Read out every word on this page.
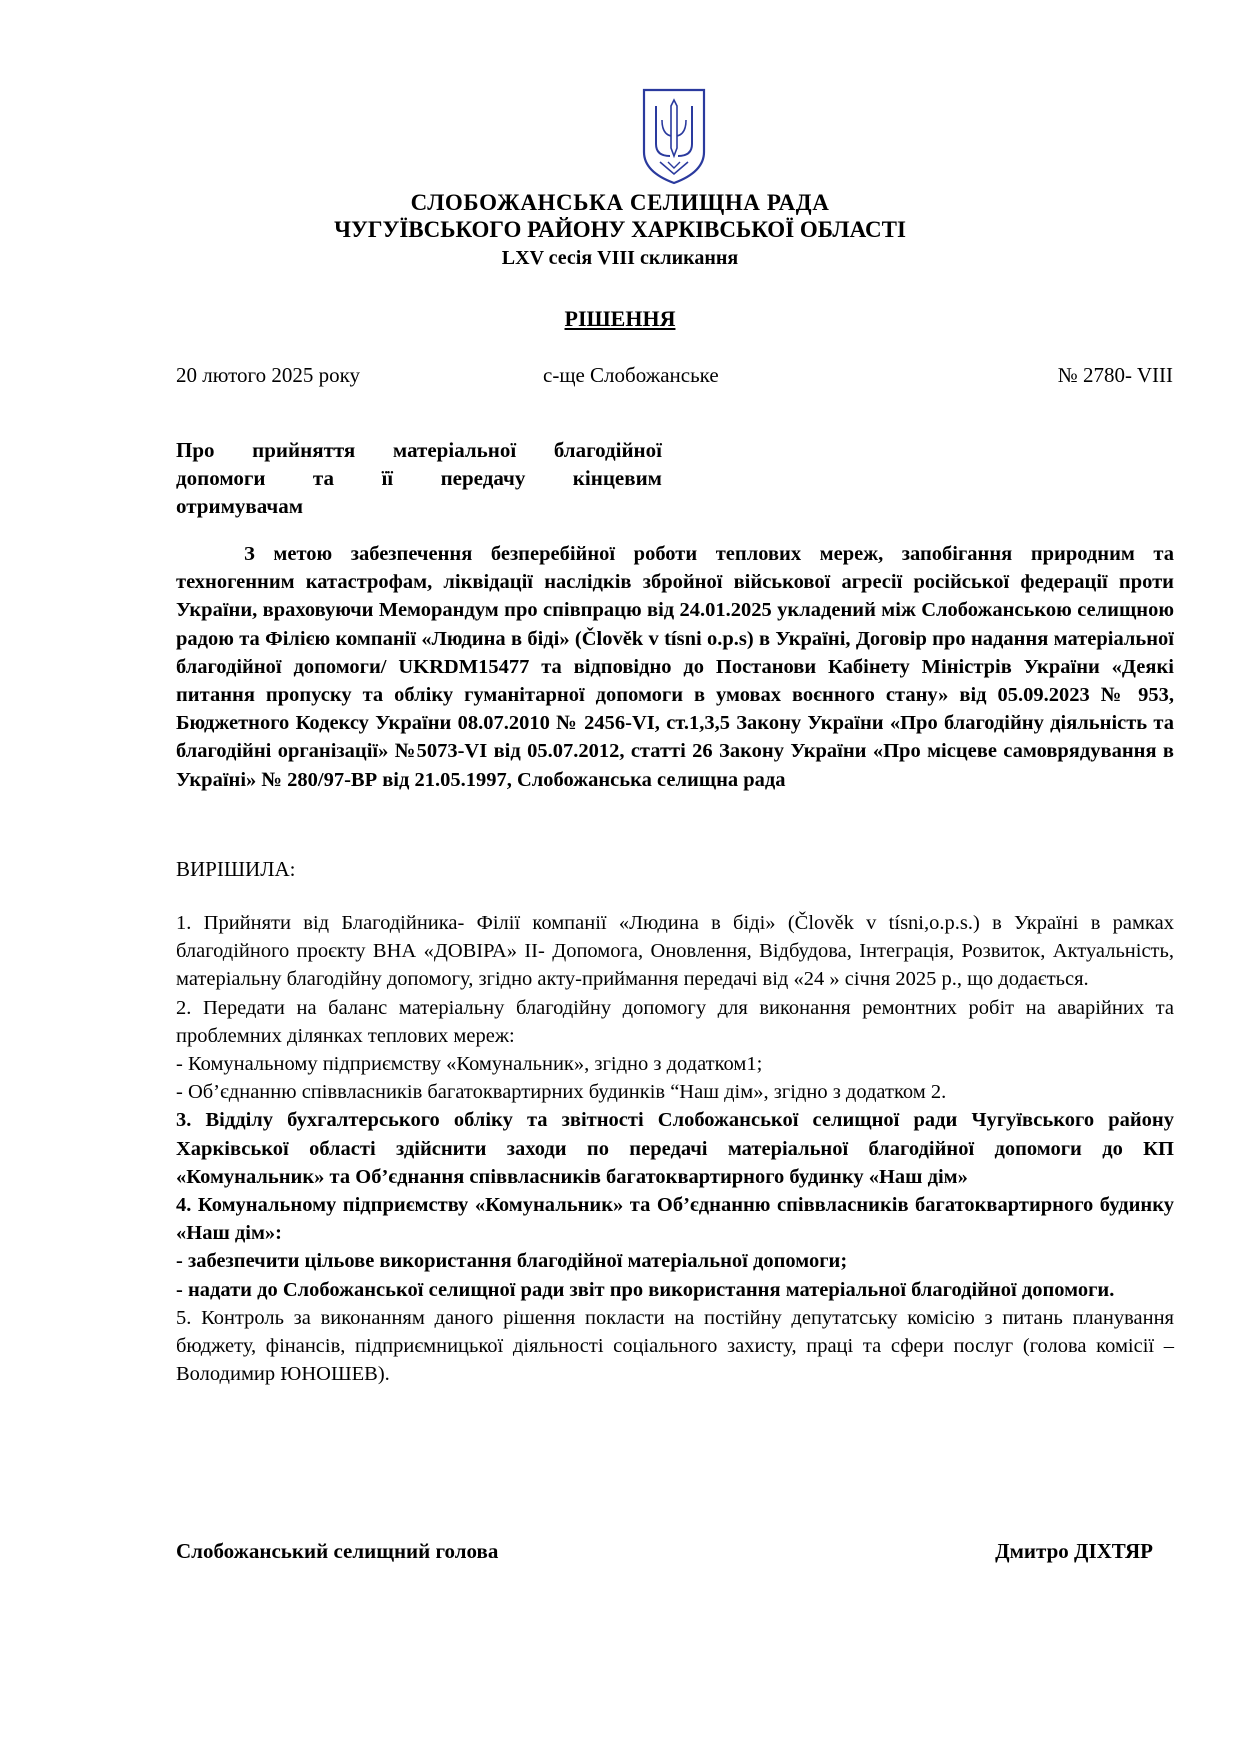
СЛОБОЖАНСЬКА СЕЛИЩНА РАДА
ЧУГУЇВСЬКОГО РАЙОНУ ХАРКІВСЬКОЇ ОБЛАСТІ
LXV сесія VIII скликання
РІШЕННЯ
20 лютого 2025 року	с-ще Слобожанське	№ 2780- VIІІ
Про прийняття матеріальної благодійної
допомоги та її передачу кінцевим
отримувачам
З метою забезпечення безперебійної роботи теплових мереж, запобігання природним та техногенним катастрофам, ліквідації наслідків збройної військової агресії російської федерації проти України, враховуючи Меморандум про співпрацю від 24.01.2025 укладений між Слобожанською селищною радою та Філією компанії «Людина в біді» (Člověk v tísni o.p.s) в Україні, Договір про надання матеріальної благодійної допомоги/ UKRDM15477 та відповідно до Постанови Кабінету Міністрів України «Деякі питання пропуску та обліку гуманітарної допомоги в умовах воєнного стану» від 05.09.2023 № 953, Бюджетного Кодексу України 08.07.2010 № 2456-VI, ст.1,3,5 Закону України «Про благодійну діяльність та благодійні організації» №5073-VI від 05.07.2012, статті 26 Закону України «Про місцеве самоврядування в Україні» № 280/97-ВР від 21.05.1997, Слобожанська селищна рада
ВИРІШИЛА:

1. Прийняти від Благодійника- Філії компанії «Людина в біді» (Člověk v tísni,o.p.s.) в Україні в рамках благодійного проєкту ВНА «ДОВІРА» ІІ- Допомога, Оновлення, Відбудова, Інтеграція, Розвиток, Актуальність, матеріальну благодійну допомогу, згідно акту-приймання передачі від «24 » січня 2025 р., що додається.

2. Передати на баланс матеріальну благодійну допомогу для виконання ремонтних робіт на аварійних та проблемних ділянках теплових мереж:

- Комунальному підприємству «Комунальник», згідно з додатком1;

- Об’єднанню співвласників багатоквартирних будинків “Наш дім», згідно з додатком 2.

3. Відділу бухгалтерського обліку та звітності Слобожанської селищної ради Чугуївського району Харківської області здійснити заходи по передачі матеріальної благодійної допомоги до КП «Комунальник» та Об’єднання співвласників багатоквартирного будинку «Наш дім»

4. Комунальному підприємству «Комунальник» та Об’єднанню співвласників багатоквартирного будинку «Наш дім»:

- забезпечити цільове використання благодійної матеріальної допомоги;

- надати до Слобожанської селищної ради звіт про використання матеріальної благодійної допомоги.

5. Контроль за виконанням даного рішення покласти на постійну депутатську комісію з питань планування бюджету, фінансів, підприємницької діяльності соціального захисту, праці та сфери послуг (голова комісії – Володимир ЮНОШЕВ).

Слобожанський селищний голова	Дмитро ДІХТЯР
